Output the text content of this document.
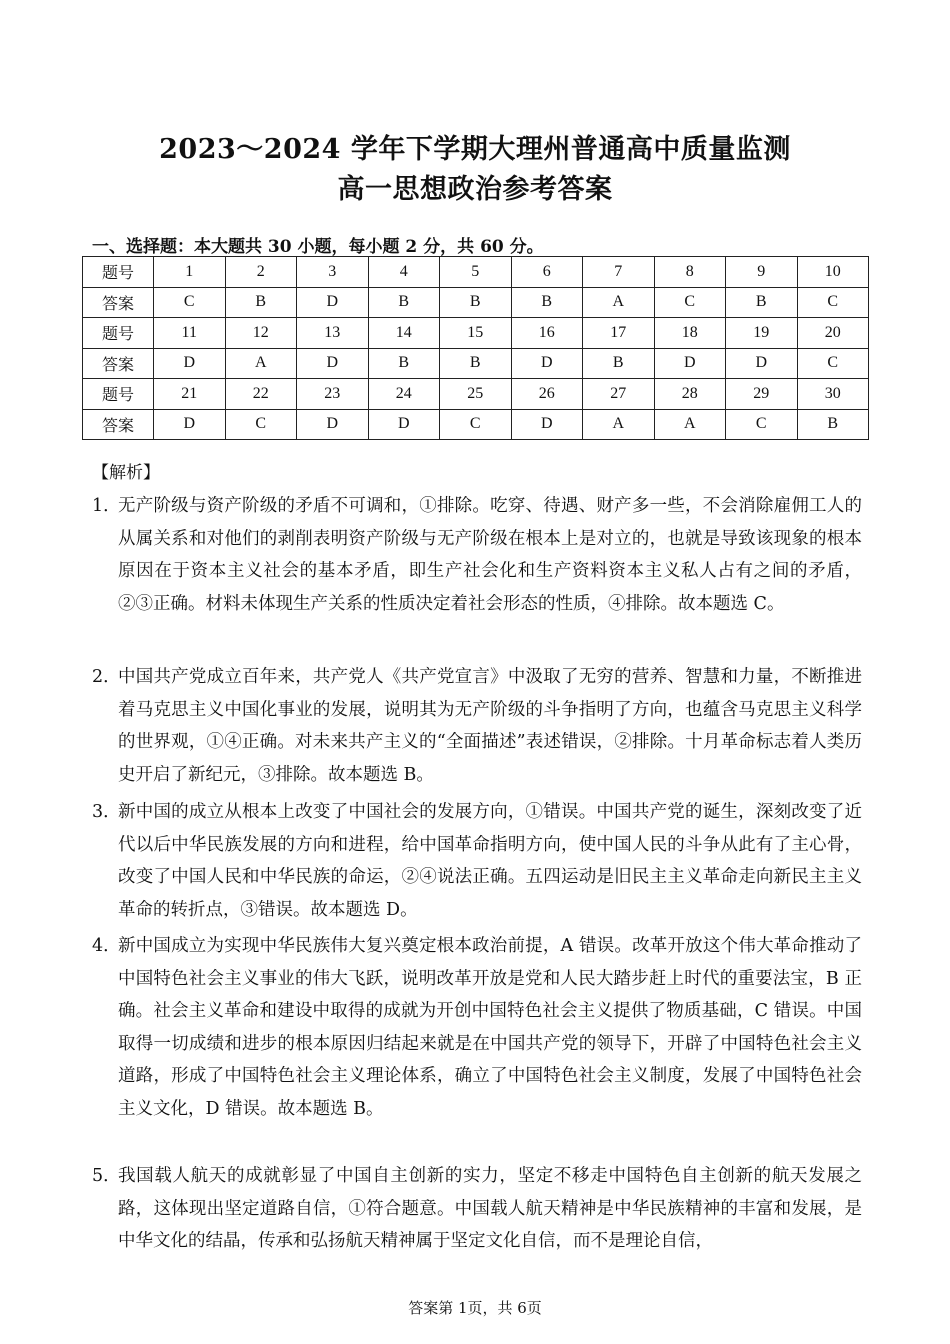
2023～2024 学年下学期大理州普通高中质量监测
高一思想政治参考答案
一、选择题：本大题共 30 小题，每小题 2 分，共 60 分。
题号	1	2	3	4	5	6	7	8	9	10
答案	C	B	D	B	B	B	A	C	B	C
题号	11	12	13	14	15	16	17	18	19	20
答案	D	A	D	B	B	D	B	D	D	C
题号	21	22	23	24	25	26	27	28	29	30
答案	D	C	D	D	C	D	A	A	C	B
【解析】
1．
无产阶级与资产阶级的矛盾不可调和，①排除。吃穿、待遇、财产多一些，不会消除雇佣工人的从属关系和对他们的剥削表明资产阶级与无产阶级在根本上是对立的，也就是导致该现象的根本原因在于资本主义社会的基本矛盾，即生产社会化和生产资料资本主义私人占有之间的矛盾，②③正确。材料未体现生产关系的性质决定着社会形态的性质，④排除。故本题选 C。
2．
中国共产党成立百年来，共产党人《共产党宣言》中汲取了无穷的营养、智慧和力量，不断推进着马克思主义中国化事业的发展，说明其为无产阶级的斗争指明了方向，也蕴含马克思主义科学的世界观，①④正确。对未来共产主义的“全面描述”表述错误，②排除。十月革命标志着人类历史开启了新纪元，③排除。故本题选 B。
3．
新中国的成立从根本上改变了中国社会的发展方向，①错误。中国共产党的诞生，深刻改变了近代以后中华民族发展的方向和进程，给中国革命指明方向，使中国人民的斗争从此有了主心骨，改变了中国人民和中华民族的命运，②④说法正确。五四运动是旧民主主义革命走向新民主主义革命的转折点，③错误。故本题选 D。
4．
新中国成立为实现中华民族伟大复兴奠定根本政治前提，A 错误。改革开放这个伟大革命推动了中国特色社会主义事业的伟大飞跃，说明改革开放是党和人民大踏步赶上时代的重要法宝，B 正确。社会主义革命和建设中取得的成就为开创中国特色社会主义提供了物质基础，C 错误。中国取得一切成绩和进步的根本原因归结起来就是在中国共产党的领导下，开辟了中国特色社会主义道路，形成了中国特色社会主义理论体系，确立了中国特色社会主义制度，发展了中国特色社会主义文化，D 错误。故本题选 B。
5．
我国载人航天的成就彰显了中国自主创新的实力，坚定不移走中国特色自主创新的航天发展之路，这体现出坚定道路自信，①符合题意。中国载人航天精神是中华民族精神的丰富和发展，是中华文化的结晶，传承和弘扬航天精神属于坚定文化自信，而不是理论自信，
答案第 1页，共 6页
